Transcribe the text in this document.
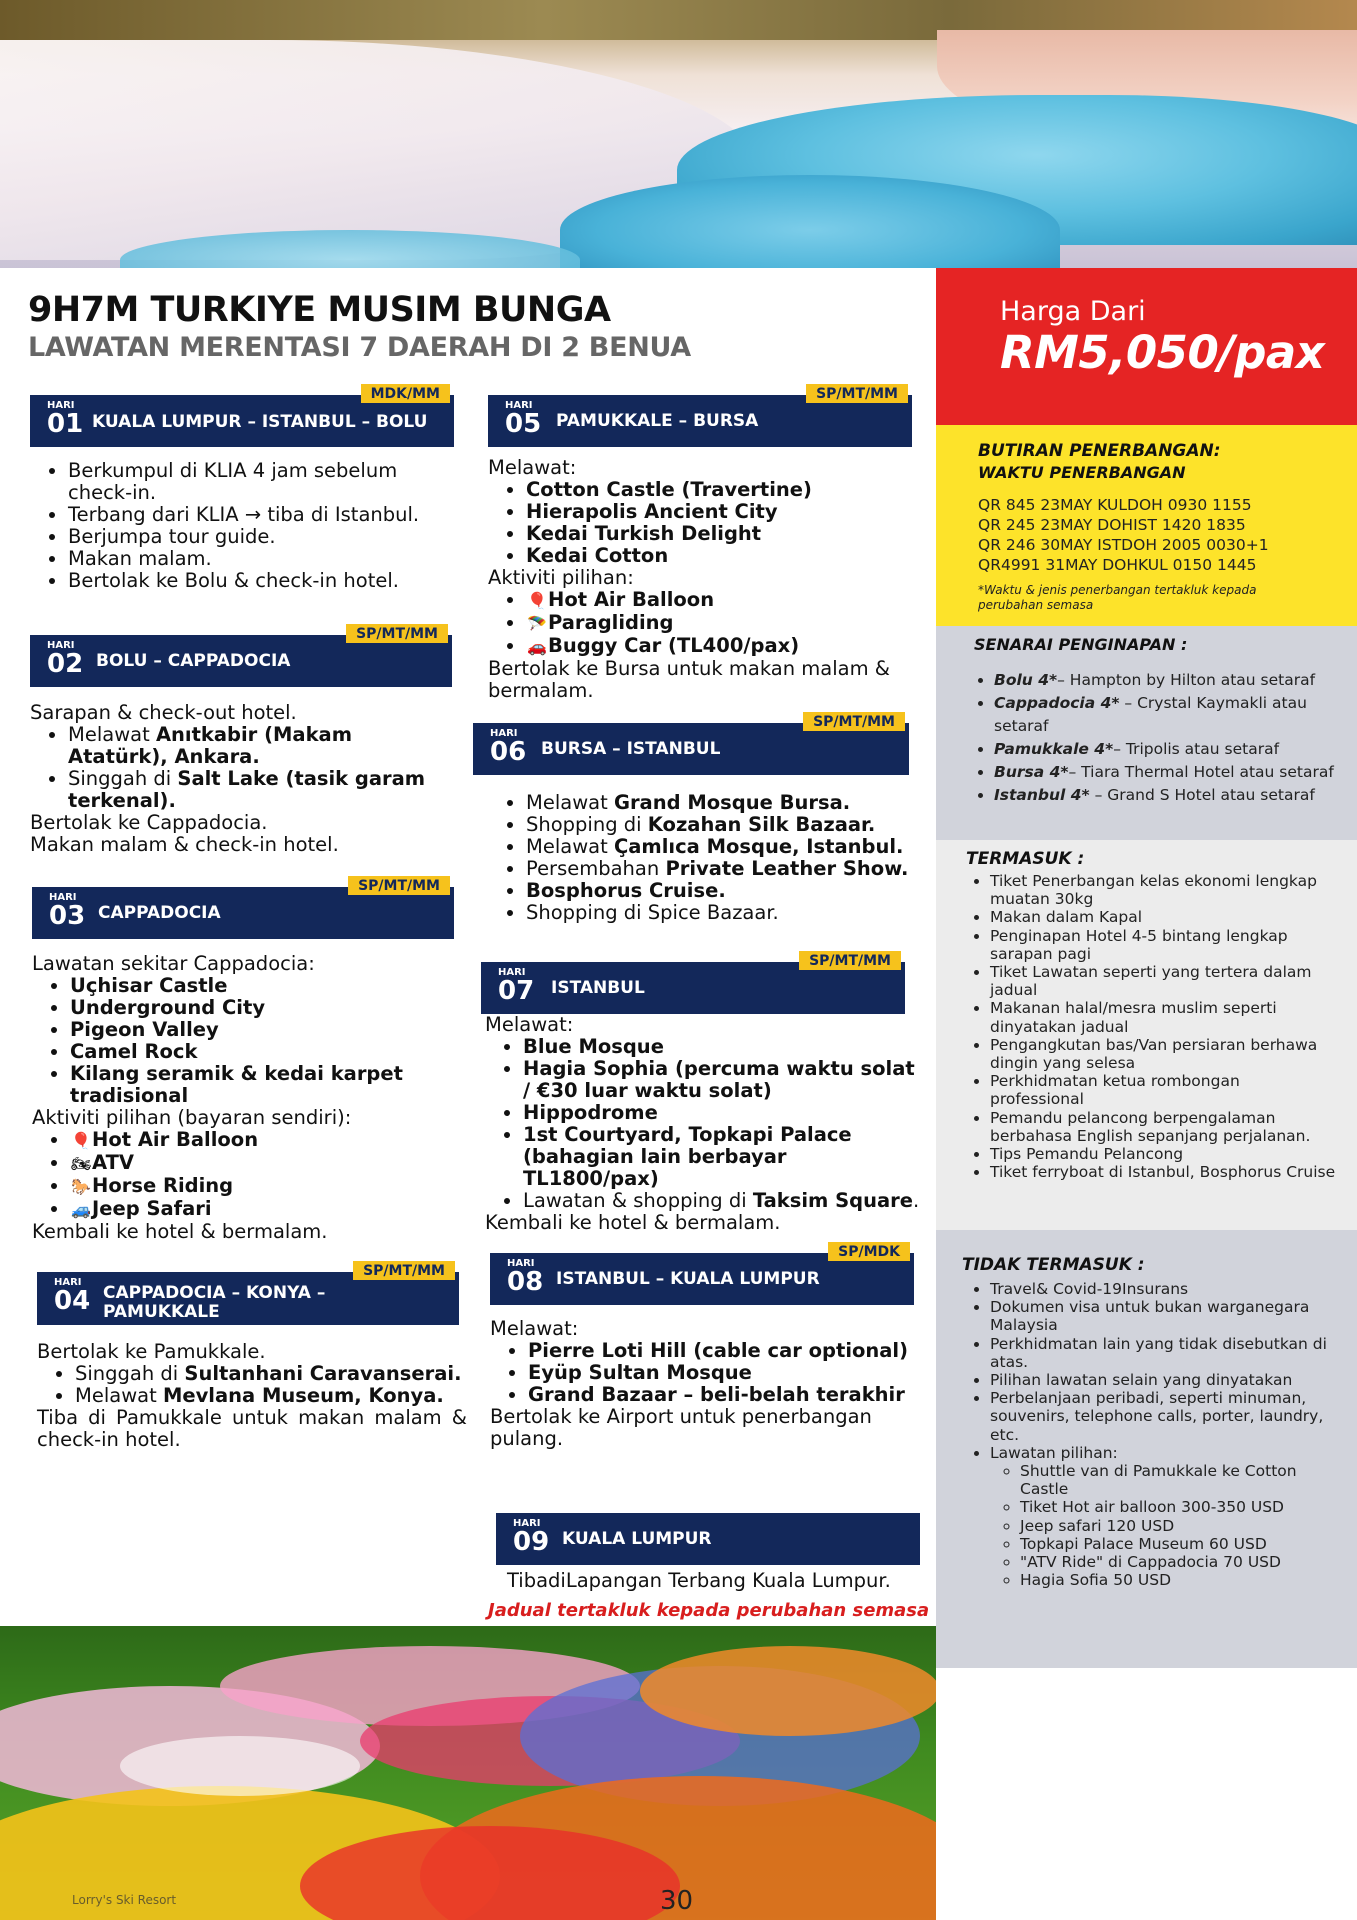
9H7M TURKIYE MUSIM BUNGA
LAWATAN MERENTASI 7 DAERAH DI 2 BENUA
HARI
01 KUALA LUMPUR – ISTANBUL – BOLU
MDK/MM
• Berkumpul di KLIA 4 jam sebelum check-in.
• Terbang dari KLIA → tiba di Istanbul.
• Berjumpa tour guide.
• Makan malam.
• Bertolak ke Bolu & check-in hotel.
HARI
02 BOLU – CAPPADOCIA
SP/MT/MM

Sarapan & check-out hotel.

• Melawat Anıtkabir (Makam Atatürk), Ankara.
• Singgah di Salt Lake (tasik garam terkenal).

Bertolak ke Cappadocia.

Makan malam & check-in hotel.

HARI
03 CAPPADOCIA
SP/MT/MM

Lawatan sekitar Cappadocia:

• Uçhisar Castle
• Underground City
• Pigeon Valley
• Camel Rock
• Kilang seramik & kedai karpet tradisional

Aktiviti pilihan (bayaran sendiri):

• 🎈Hot Air Balloon
• 🏍ATV
• 🐎Horse Riding
• 🚙Jeep Safari

Kembali ke hotel & bermalam.

HARI
04 CAPPADOCIA – KONYA – PAMUKKALE
SP/MT/MM

Bertolak ke Pamukkale.

• Singgah di Sultanhani Caravanserai.
• Melawat Mevlana Museum, Konya.

Tiba di Pamukkale untuk makan malam & check-in hotel.

HARI
05 PAMUKKALE – BURSA
SP/MT/MM

Melawat:

• Cotton Castle (Travertine)
• Hierapolis Ancient City
• Kedai Turkish Delight
• Kedai Cotton

Aktiviti pilihan:

• 🎈Hot Air Balloon
• 🪂Paragliding
• 🚗Buggy Car (TL400/pax)

Bertolak ke Bursa untuk makan malam & bermalam.

HARI
06 BURSA – ISTANBUL
SP/MT/MM
• Melawat Grand Mosque Bursa.
• Shopping di Kozahan Silk Bazaar.
• Melawat Çamlıca Mosque, Istanbul.
• Persembahan Private Leather Show.
• Bosphorus Cruise.
• Shopping di Spice Bazaar.
HARI
07 ISTANBUL
SP/MT/MM

Melawat:

• Blue Mosque
• Hagia Sophia (percuma waktu solat / €30 luar waktu solat)
• Hippodrome
• 1st Courtyard, Topkapi Palace (bahagian lain berbayar TL1800/pax)
• Lawatan & shopping di Taksim Square.

Kembali ke hotel & bermalam.

HARI
08 ISTANBUL – KUALA LUMPUR
SP/MDK

Melawat:

• Pierre Loti Hill (cable car optional)
• Eyüp Sultan Mosque
• Grand Bazaar – beli-belah terakhir

Bertolak ke Airport untuk penerbangan pulang.

HARI
09 KUALA LUMPUR

TibadiLapangan Terbang Kuala Lumpur.

Jadual tertakluk kepada perubahan semasa
Harga Dari
RM5,050/pax
BUTIRAN PENERBANGAN:
WAKTU PENERBANGAN
QR 845 23MAY KULDOH 0930 1155
QR 245 23MAY DOHIST 1420 1835
QR 246 30MAY ISTDOH 2005 0030+1
QR4991 31MAY DOHKUL 0150 1445
*Waktu & jenis penerbangan tertakluk kepada perubahan semasa
SENARAI PENGINAPAN :
• Bolu 4*– Hampton by Hilton atau setaraf
• Cappadocia 4* – Crystal Kaymakli atau setaraf
• Pamukkale 4*– Tripolis atau setaraf
• Bursa 4*– Tiara Thermal Hotel atau setaraf
• Istanbul 4* – Grand S Hotel atau setaraf
TERMASUK :
• Tiket Penerbangan kelas ekonomi lengkap muatan 30kg
• Makan dalam Kapal
• Penginapan Hotel 4-5 bintang lengkap sarapan pagi
• Tiket Lawatan seperti yang tertera dalam jadual
• Makanan halal/mesra muslim seperti dinyatakan jadual
• Pengangkutan bas/Van persiaran berhawa dingin yang selesa
• Perkhidmatan ketua rombongan professional
• Pemandu pelancong berpengalaman berbahasa English sepanjang perjalanan.
• Tips Pemandu Pelancong
• Tiket ferryboat di Istanbul, Bosphorus Cruise
TIDAK TERMASUK :
• Travel& Covid-19Insurans
• Dokumen visa untuk bukan warganegara Malaysia
• Perkhidmatan lain yang tidak disebutkan di atas.
• Pilihan lawatan selain yang dinyatakan
• Perbelanjaan peribadi, seperti minuman, souvenirs, telephone calls, porter, laundry, etc.
• Lawatan pilihan:
◦ Shuttle van di Pamukkale ke Cotton Castle
◦ Tiket Hot air balloon 300-350 USD
◦ Jeep safari 120 USD
◦ Topkapi Palace Museum 60 USD
◦ "ATV Ride" di Cappadocia 70 USD
◦ Hagia Sofia 50 USD
Lorry's Ski Resort	30
